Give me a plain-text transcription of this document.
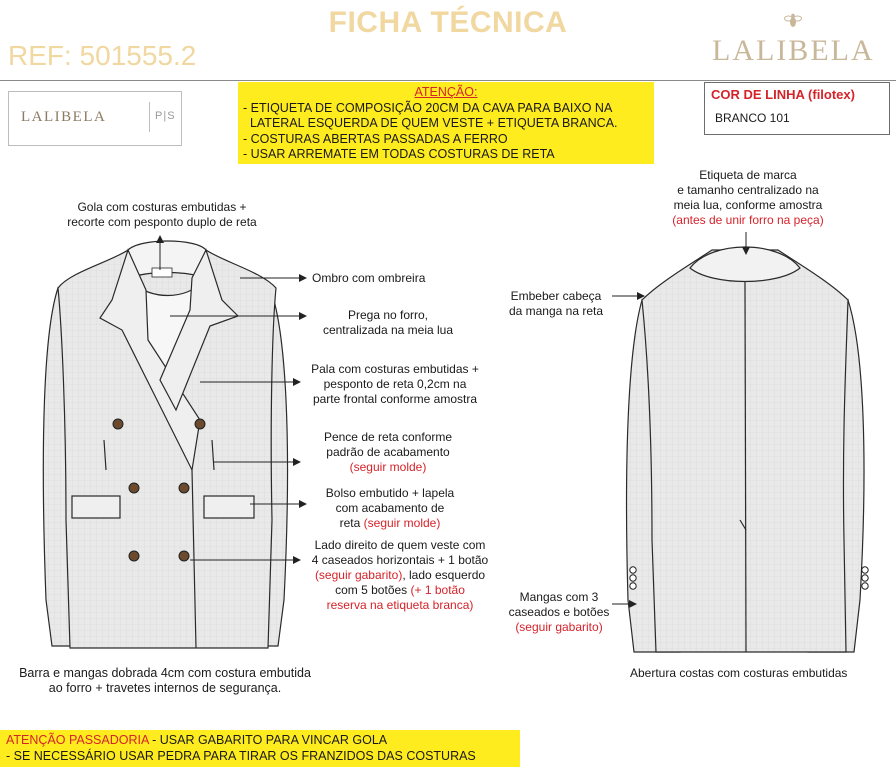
FICHA TÉCNICA
REF: 501555.2	LALIBELA
LALIBELA	P|S
ATENÇÃO:
- ETIQUETA DE COMPOSIÇÃO 20CM DA CAVA PARA BAIXO NA
LATERAL ESQUERDA DE QUEM VESTE + ETIQUETA BRANCA.
- COSTURAS ABERTAS PASSADAS A FERRO
- USAR ARREMATE EM TODAS COSTURAS DE RETA
COR DE LINHA (filotex)
BRANCO 101
Gola com costuras embutidas +
recorte com pesponto duplo de reta
Ombro com ombreira
Prega no forro,
centralizada na meia lua
Pala com costuras embutidas +
pesponto de reta 0,2cm na
parte frontal conforme amostra
Pence de reta conforme
padrão de acabamento
(seguir molde)
Bolso embutido + lapela
com acabamento de
reta (seguir molde)
Lado direito de quem veste com
4 caseados horizontais + 1 botão
(seguir gabarito), lado esquerdo
com 5 botões (+ 1 botão
reserva na etiqueta branca)
Barra e mangas dobrada 4cm com costura embutida
ao forro + travetes internos de segurança.
Etiqueta de marca
e tamanho centralizado na
meia lua, conforme amostra
(antes de unir forro na peça)
Embeber cabeça
da manga na reta
Mangas com 3
caseados e botões
(seguir gabarito)
Abertura costas com costuras embutidas
ATENÇÃO PASSADORIA - USAR GABARITO PARA VINCAR GOLA
- SE NECESSÁRIO USAR PEDRA PARA TIRAR OS FRANZIDOS DAS COSTURAS
